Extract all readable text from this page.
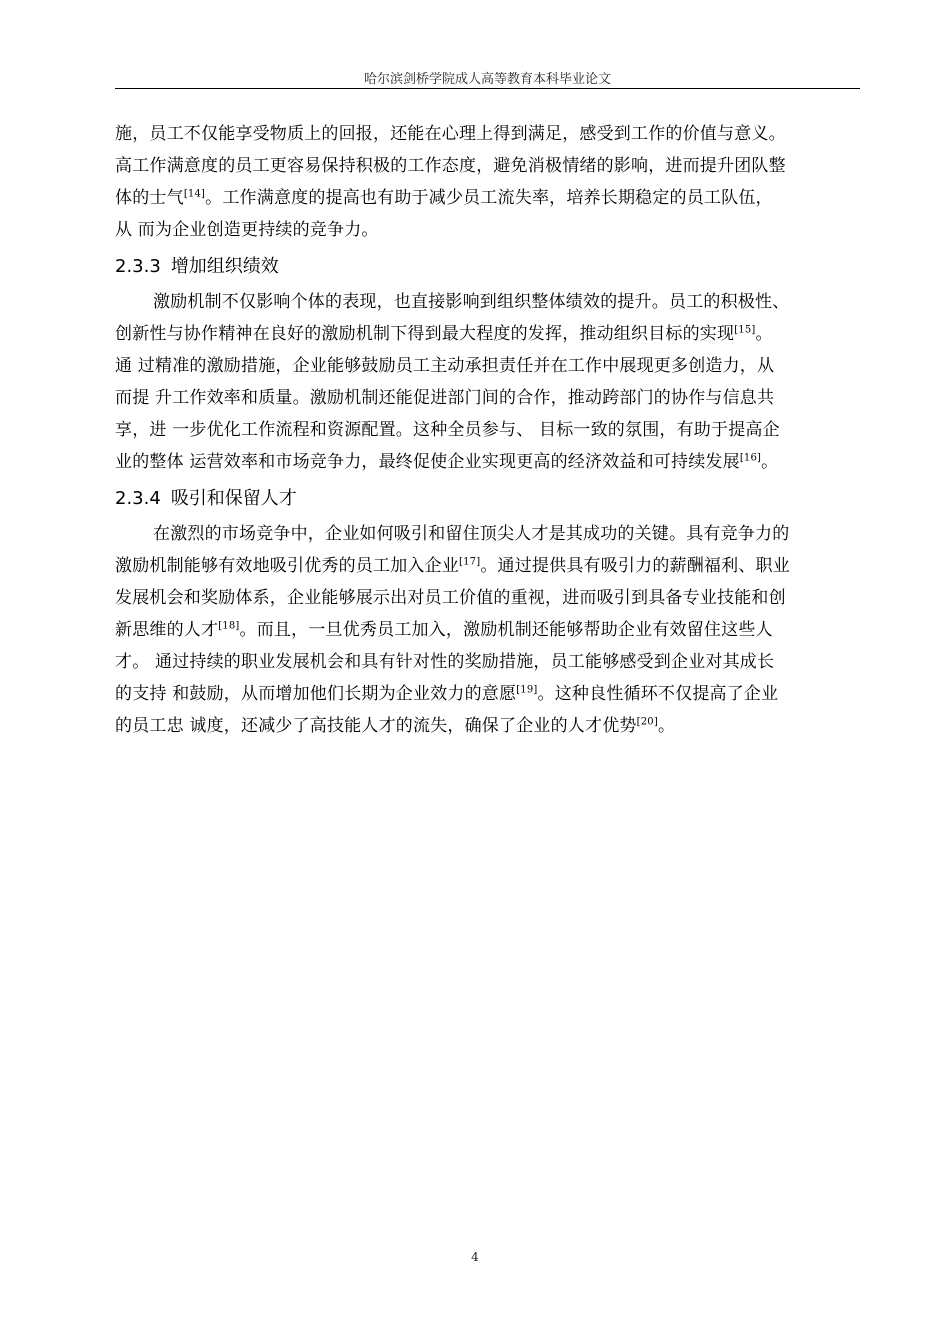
哈尔滨剑桥学院成人高等教育本科毕业论文
施，员工不仅能享受物质上的回报，还能在心理上得到满足，感受到工作的价值与意义。
高工作满意度的员工更容易保持积极的工作态度，避免消极情绪的影响，进而提升团队整
体的士气[14]。工作满意度的提高也有助于减少员工流失率，培养长期稳定的员工队伍，
从 而为企业创造更持续的竞争力。
2.3.3 增加组织绩效
激励机制不仅影响个体的表现，也直接影响到组织整体绩效的提升。员工的积极性、
创新性与协作精神在良好的激励机制下得到最大程度的发挥，推动组织目标的实现[15]。
通 过精准的激励措施，企业能够鼓励员工主动承担责任并在工作中展现更多创造力，从
而提 升工作效率和质量。激励机制还能促进部门间的合作，推动跨部门的协作与信息共
享，进 一步优化工作流程和资源配置。这种全员参与、 目标一致的氛围，有助于提高企
业的整体 运营效率和市场竞争力，最终促使企业实现更高的经济效益和可持续发展[16]。
2.3.4 吸引和保留人才
在激烈的市场竞争中，企业如何吸引和留住顶尖人才是其成功的关键。具有竞争力的
激励机制能够有效地吸引优秀的员工加入企业[17]。通过提供具有吸引力的薪酬福利、职业
发展机会和奖励体系，企业能够展示出对员工价值的重视，进而吸引到具备专业技能和创
新思维的人才[18]。而且，一旦优秀员工加入，激励机制还能够帮助企业有效留住这些人
才。 通过持续的职业发展机会和具有针对性的奖励措施，员工能够感受到企业对其成长
的支持 和鼓励，从而增加他们长期为企业效力的意愿[19]。这种良性循环不仅提高了企业
的员工忠 诚度，还减少了高技能人才的流失，确保了企业的人才优势[20]。
4
